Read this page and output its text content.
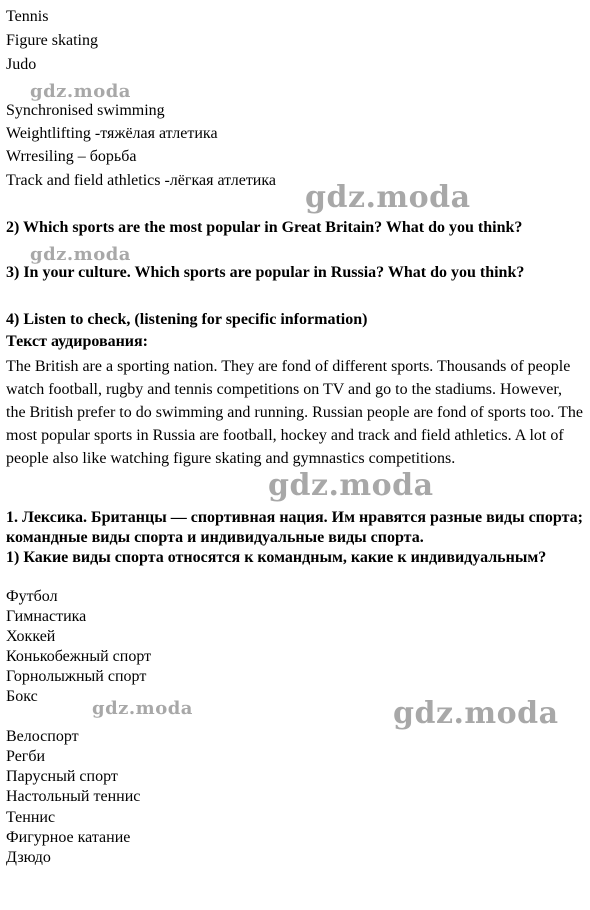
Tennis
Figure skating
Judo
Synchronised swimming
Weightlifting -тяжёлая атлетика
Wrresiling – борьба
Track and field athletics -лёгкая атлетика
2) Which sports are the most popular in Great Britain? What do you think?
3) In your culture. Which sports are popular in Russia? What do you think?
4) Listen to check, (listening for specific information)
Текст аудирования:
The British are a sporting nation. They are fond of different sports. Thousands of people watch football, rugby and tennis competitions on TV and go to the stadiums. However, the British prefer to do swimming and running. Russian people are fond of sports too. The most popular sports in Russia are football, hockey and track and field athletics. A lot of people also like watching figure skating and gymnastics competitions.
1. Лексика. Британцы — спортивная нация. Им нравятся разные виды спорта; командные виды спорта и индивидуальные виды спорта.
1) Какие виды спорта относятся к командным, какие к индивидуальным?
Футбол
Гимнастика
Хоккей
Конькобежный спорт
Горнолыжный спорт
Бокс
Велоспорт
Регби
Парусный спорт
Настольный теннис
Теннис
Фигурное катание
Дзюдо
gdz.moda
gdz.moda
gdz.moda
gdz.moda
gdz.moda	gdz.moda
